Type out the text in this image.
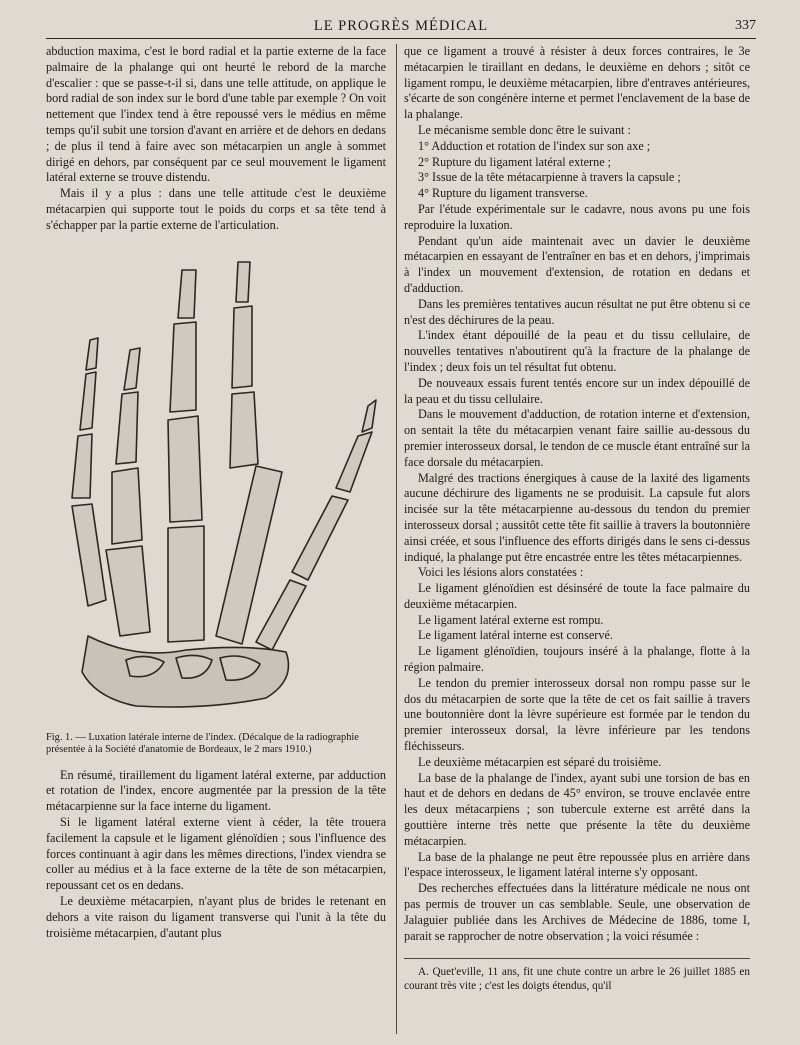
LE PROGRÈS MÉDICAL	337

abduction maxima, c'est le bord radial et la partie externe de la face palmaire de la phalange qui ont heurté le rebord de la marche d'escalier : que se passe-t-il si, dans une telle attitude, on applique le bord radial de son index sur le bord d'une table par exemple ? On voit nettement que l'index tend à être repoussé vers le médius en même temps qu'il subit une torsion d'avant en arrière et de dehors en dedans ; de plus il tend à faire avec son métacarpien un angle à sommet dirigé en dehors, par conséquent par ce seul mouvement le ligament latéral externe se trouve distendu.

Mais il y a plus : dans une telle attitude c'est le deuxième métacarpien qui supporte tout le poids du corps et sa tête tend à s'échapper par la partie externe de l'articulation.

Fig. 1. — Luxation latérale interne de l'index. (Décalque de la radiographie présentée à la Société d'anatomie de Bordeaux, le 2 mars 1910.)

En résumé, tiraillement du ligament latéral externe, par adduction et rotation de l'index, encore augmentée par la pression de la tête métacarpienne sur la face interne du ligament.

Si le ligament latéral externe vient à céder, la tête trouera facilement la capsule et le ligament glénoïdien ; sous l'influence des forces continuant à agir dans les mêmes directions, l'index viendra se coller au médius et à la face externe de la tête de son métacarpien, repoussant cet os en dedans.

Le deuxième métacarpien, n'ayant plus de brides le retenant en dehors a vite raison du ligament transverse qui l'unit à la tête du troisième métacarpien, d'autant plus

que ce ligament a trouvé à résister à deux forces contraires, le 3e métacarpien le tiraillant en dedans, le deuxième en dehors ; sitôt ce ligament rompu, le deuxième métacarpien, libre d'entraves antérieures, s'écarte de son congénère interne et permet l'enclavement de la base de la phalange.

Le mécanisme semble donc être le suivant :

1° Adduction et rotation de l'index sur son axe ;

2° Rupture du ligament latéral externe ;

3° Issue de la tête métacarpienne à travers la capsule ;

4° Rupture du ligament transverse.

Par l'étude expérimentale sur le cadavre, nous avons pu une fois reproduire la luxation.

Pendant qu'un aide maintenait avec un davier le deuxième métacarpien en essayant de l'entraîner en bas et en dehors, j'imprimais à l'index un mouvement d'extension, de rotation en dedans et d'adduction.

Dans les premières tentatives aucun résultat ne put être obtenu si ce n'est des déchirures de la peau.

L'index étant dépouillé de la peau et du tissu cellulaire, de nouvelles tentatives n'aboutirent qu'à la fracture de la phalange de l'index ; deux fois un tel résultat fut obtenu.

De nouveaux essais furent tentés encore sur un index dépouillé de la peau et du tissu cellulaire.

Dans le mouvement d'adduction, de rotation interne et d'extension, on sentait la tête du métacarpien venant faire saillie au-dessous du premier interosseux dorsal, le tendon de ce muscle étant entraîné sur la face dorsale du métacarpien.

Malgré des tractions énergiques à cause de la laxité des ligaments aucune déchirure des ligaments ne se produisit. La capsule fut alors incisée sur la tête métacarpienne au-dessous du tendon du premier interosseux dorsal ; aussitôt cette tête fit saillie à travers la boutonnière ainsi créée, et sous l'influence des efforts dirigés dans le sens ci-dessus indiqué, la phalange put être encastrée entre les têtes métacarpiennes.

Voici les lésions alors constatées :

Le ligament glénoïdien est désinséré de toute la face palmaire du deuxième métacarpien.

Le ligament latéral externe est rompu.

Le ligament latéral interne est conservé.

Le ligament glénoïdien, toujours inséré à la phalange, flotte à la région palmaire.

Le tendon du premier interosseux dorsal non rompu passe sur le dos du métacarpien de sorte que la tête de cet os fait saillie à travers une boutonnière dont la lèvre supérieure est formée par le tendon du premier interosseux dorsal, la lèvre inférieure par les tendons fléchisseurs.

Le deuxième métacarpien est séparé du troisième.

La base de la phalange de l'index, ayant subi une torsion de bas en haut et de dehors en dedans de 45° environ, se trouve enclavée entre les deux métacarpiens ; son tubercule externe est arrêté dans la gouttière interne très nette que présente la tête du deuxième métacarpien.

La base de la phalange ne peut être repoussée plus en arrière dans l'espace interosseux, le ligament latéral interne s'y opposant.

Des recherches effectuées dans la littérature médicale ne nous ont pas permis de trouver un cas semblable. Seule, une observation de Jalaguier publiée dans les Archives de Médecine de 1886, tome I, parait se rapprocher de notre observation ; la voici résumée :

A. Quet'eville, 11 ans, fit une chute contre un arbre le 26 juillet 1885 en courant très vite ; c'est les doigts étendus, qu'il
